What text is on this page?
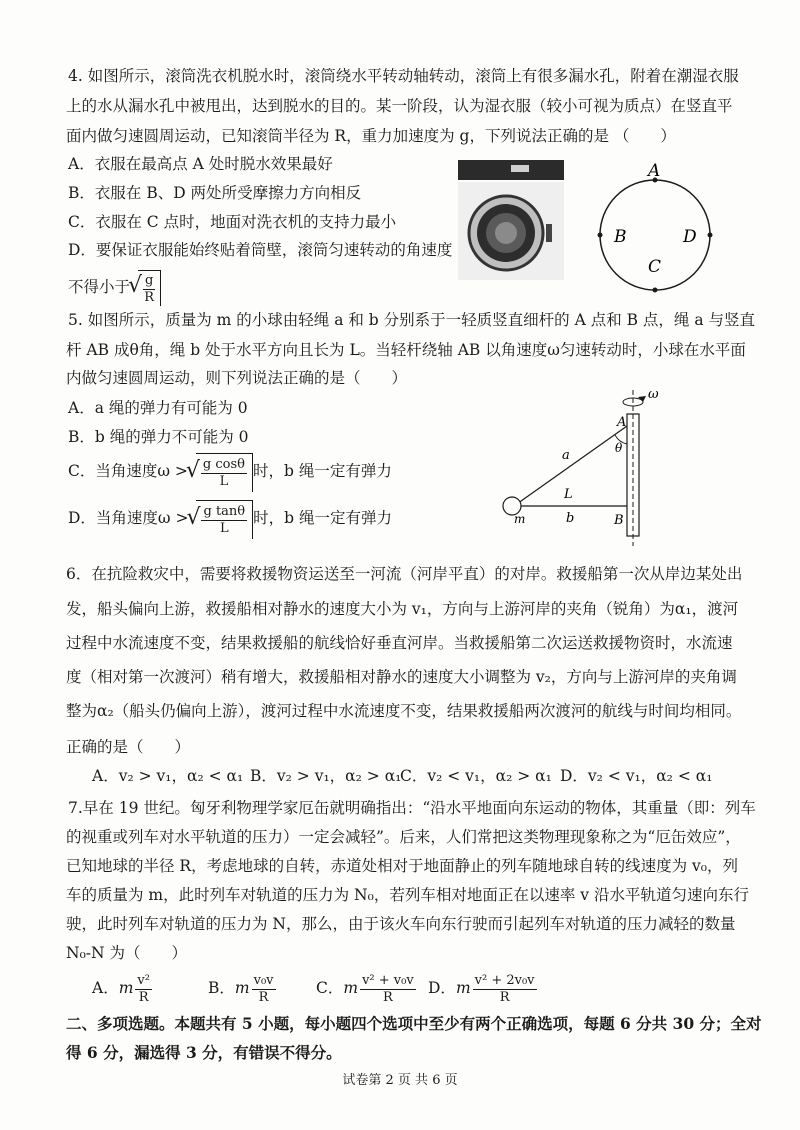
4. 如图所示，滚筒洗衣机脱水时，滚筒绕水平转动轴转动，滚筒上有很多漏水孔，附着在潮湿衣服
上的水从漏水孔中被甩出，达到脱水的目的。某一阶段，认为湿衣服（较小可视为质点）在竖直平
面内做匀速圆周运动，已知滚筒半径为 R，重力加速度为 g，下列说法正确的是 （　　）
A．衣服在最高点 A 处时脱水效果最好
B．衣服在 B、D 两处所受摩擦力方向相反
C．衣服在 C 点时，地面对洗衣机的支持力最小
D．要保证衣服能始终贴着筒壁，滚筒匀速转动的角速度
不得小于 √ $\frac{g}{R}$
A
B
C
D
5. 如图所示，质量为 m 的小球由轻绳 a 和 b 分别系于一轻质竖直细杆的 A 点和 B 点，绳 a 与竖直
杆 AB 成θ角，绳 b 处于水平方向且长为 L。当轻杆绕轴 AB 以角速度ω匀速转动时，小球在水平面
内做匀速圆周运动，则下列说法正确的是（　　）
A．a 绳的弹力有可能为 0
B．b 绳的弹力不可能为 0
C．当角速度ω > √ $\frac{\text{g cosθ}}{L}$ 时，b 绳一定有弹力
D．当角速度ω > √ $\frac{\text{g tanθ}}{L}$ 时，b 绳一定有弹力
ω
A
θ
a
L
m	b	B
6．在抗险救灾中，需要将救援物资运送至一河流（河岸平直）的对岸。救援船第一次从岸边某处出
发，船头偏向上游，救援船相对静水的速度大小为 v₁，方向与上游河岸的夹角（锐角）为α₁，渡河
过程中水流速度不变，结果救援船的航线恰好垂直河岸。当救援船第二次运送救援物资时，水流速
度（相对第一次渡河）稍有增大，救援船相对静水的速度大小调整为 v₂，方向与上游河岸的夹角调
整为α₂（船头仍偏向上游），渡河过程中水流速度不变，结果救援船两次渡河的航线与时间均相同。
正确的是（　　）
A．v₂ > v₁，α₂ < α₁ B．v₂ > v₁，α₂ > α₁
C．v₂ < v₁，α₂ > α₁ D．v₂ < v₁，α₂ < α₁
7.早在 19 世纪。匈牙利物理学家厄缶就明确指出：“沿水平地面向东运动的物体，其重量（即：列车
的视重或列车对水平轨道的压力）一定会减轻”。后来，人们常把这类物理现象称之为“厄缶效应”，
已知地球的半径 R，考虑地球的自转，赤道处相对于地面静止的列车随地球自转的线速度为 v₀，列
车的质量为 m，此时列车对轨道的压力为 N₀，若列车相对地面正在以速率 v 沿水平轨道匀速向东行
驶，此时列车对轨道的压力为 N，那么，由于该火车向东行驶而引起列车对轨道的压力减轻的数量
N₀-N 为（　　）
A．m $\frac{\text{v²}}{R}$	B．m $\frac{\text{v₀v}}{R}$	C．m $\frac{\text{v² + v₀v}}{R}$ D．m $\frac{\text{v² + 2v₀v}}{R}$
二、多项选题。本题共有 5 小题，每小题四个选项中至少有两个正确选项，每题 6 分共 30 分；全对
得 6 分，漏选得 3 分，有错误不得分。
试卷第 2 页 共 6 页
